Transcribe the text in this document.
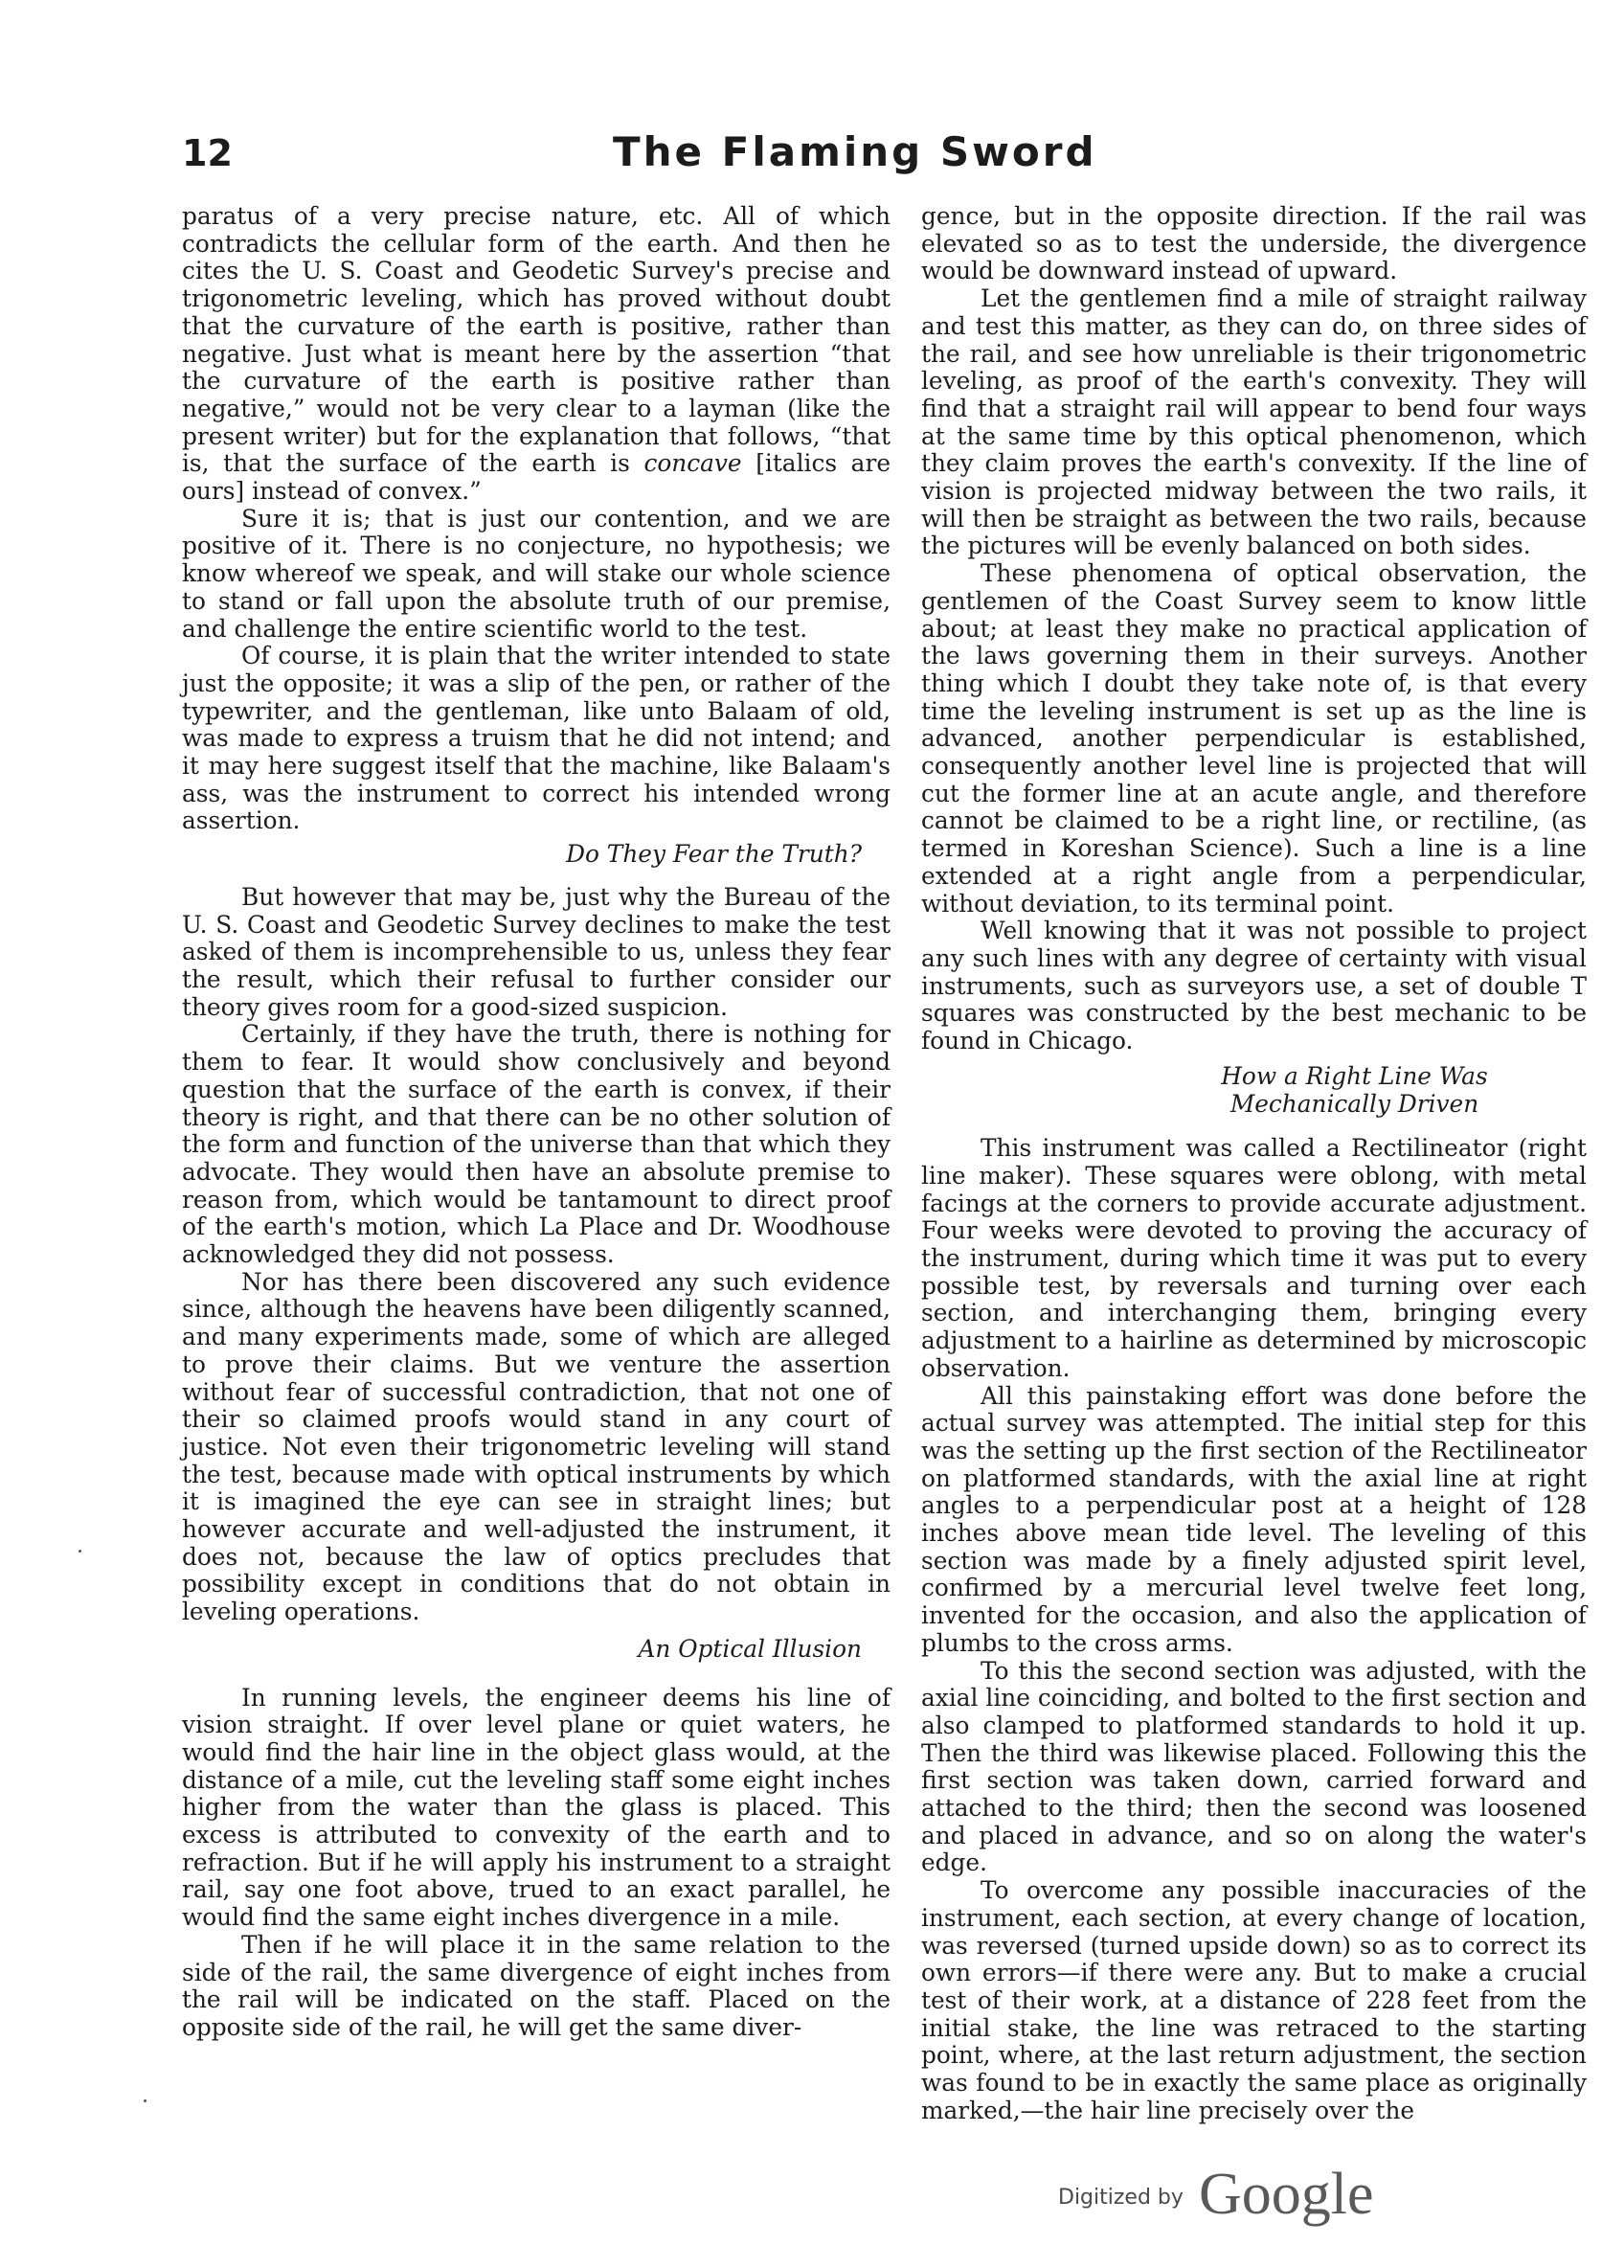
12	The Flaming Sword

paratus of a very precise nature, etc. All of which contradicts the cellular form of the earth. And then he cites the U. S. Coast and Geodetic Survey's precise and trigonometric leveling, which has proved without doubt that the curvature of the earth is positive, rather than negative. Just what is meant here by the assertion “that the curvature of the earth is positive rather than negative,” would not be very clear to a layman (like the present writer) but for the explanation that follows, “that is, that the surface of the earth is concave [italics are ours] instead of convex.”

Sure it is; that is just our contention, and we are positive of it. There is no conjecture, no hypothesis; we know whereof we speak, and will stake our whole science to stand or fall upon the absolute truth of our premise, and challenge the entire scientific world to the test.

Of course, it is plain that the writer intended to state just the opposite; it was a slip of the pen, or rather of the typewriter, and the gentleman, like unto Balaam of old, was made to express a truism that he did not intend; and it may here suggest itself that the machine, like Balaam's ass, was the instrument to correct his intended wrong assertion.

Do They Fear the Truth?

But however that may be, just why the Bureau of the U. S. Coast and Geodetic Survey declines to make the test asked of them is incomprehensible to us, unless they fear the result, which their refusal to further consider our theory gives room for a good-sized suspicion.

Certainly, if they have the truth, there is nothing for them to fear. It would show conclusively and beyond question that the surface of the earth is convex, if their theory is right, and that there can be no other solution of the form and function of the universe than that which they advocate. They would then have an absolute premise to reason from, which would be tantamount to direct proof of the earth's motion, which La Place and Dr. Woodhouse acknowledged they did not possess.

Nor has there been discovered any such evidence since, although the heavens have been diligently scanned, and many experiments made, some of which are alleged to prove their claims. But we venture the assertion without fear of successful contradiction, that not one of their so claimed proofs would stand in any court of justice. Not even their trigonometric leveling will stand the test, because made with optical instruments by which it is imagined the eye can see in straight lines; but however accurate and well-adjusted the instrument, it does not, because the law of optics precludes that possibility except in conditions that do not obtain in leveling operations.

An Optical Illusion

In running levels, the engineer deems his line of vision straight. If over level plane or quiet waters, he would find the hair line in the object glass would, at the distance of a mile, cut the leveling staff some eight inches higher from the water than the glass is placed. This excess is attributed to convexity of the earth and to refraction. But if he will apply his instrument to a straight rail, say one foot above, trued to an exact parallel, he would find the same eight inches divergence in a mile.

Then if he will place it in the same relation to the side of the rail, the same divergence of eight inches from the rail will be indicated on the staff. Placed on the opposite side of the rail, he will get the same diver-

gence, but in the opposite direction. If the rail was elevated so as to test the underside, the divergence would be downward instead of upward.

Let the gentlemen find a mile of straight railway and test this matter, as they can do, on three sides of the rail, and see how unreliable is their trigonometric leveling, as proof of the earth's convexity. They will find that a straight rail will appear to bend four ways at the same time by this optical phenomenon, which they claim proves the earth's convexity. If the line of vision is projected midway between the two rails, it will then be straight as between the two rails, because the pictures will be evenly balanced on both sides.

These phenomena of optical observation, the gentlemen of the Coast Survey seem to know little about; at least they make no practical application of the laws governing them in their surveys. Another thing which I doubt they take note of, is that every time the leveling instrument is set up as the line is advanced, another perpendicular is established, consequently another level line is projected that will cut the former line at an acute angle, and therefore cannot be claimed to be a right line, or rectiline, (as termed in Koreshan Science). Such a line is a line extended at a right angle from a perpendicular, without deviation, to its terminal point.

Well knowing that it was not possible to project any such lines with any degree of certainty with visual instruments, such as surveyors use, a set of double T squares was constructed by the best mechanic to be found in Chicago.

How a Right Line Was
Mechanically Driven

This instrument was called a Rectilineator (right line maker). These squares were oblong, with metal facings at the corners to provide accurate adjustment. Four weeks were devoted to proving the accuracy of the instrument, during which time it was put to every possible test, by reversals and turning over each section, and interchanging them, bringing every adjustment to a hairline as determined by microscopic observation.

All this painstaking effort was done before the actual survey was attempted. The initial step for this was the setting up the first section of the Rectilineator on platformed standards, with the axial line at right angles to a perpendicular post at a height of 128 inches above mean tide level. The leveling of this section was made by a finely adjusted spirit level, confirmed by a mercurial level twelve feet long, invented for the occasion, and also the application of plumbs to the cross arms.

To this the second section was adjusted, with the axial line coinciding, and bolted to the first section and also clamped to platformed standards to hold it up. Then the third was likewise placed. Following this the first section was taken down, carried forward and attached to the third; then the second was loosened and placed in advance, and so on along the water's edge.

To overcome any possible inaccuracies of the instrument, each section, at every change of location, was reversed (turned upside down) so as to correct its own errors—if there were any. But to make a crucial test of their work, at a distance of 228 feet from the initial stake, the line was retraced to the starting point, where, at the last return adjustment, the section was found to be in exactly the same place as originally marked,—the hair line precisely over the

Digitized by Google
